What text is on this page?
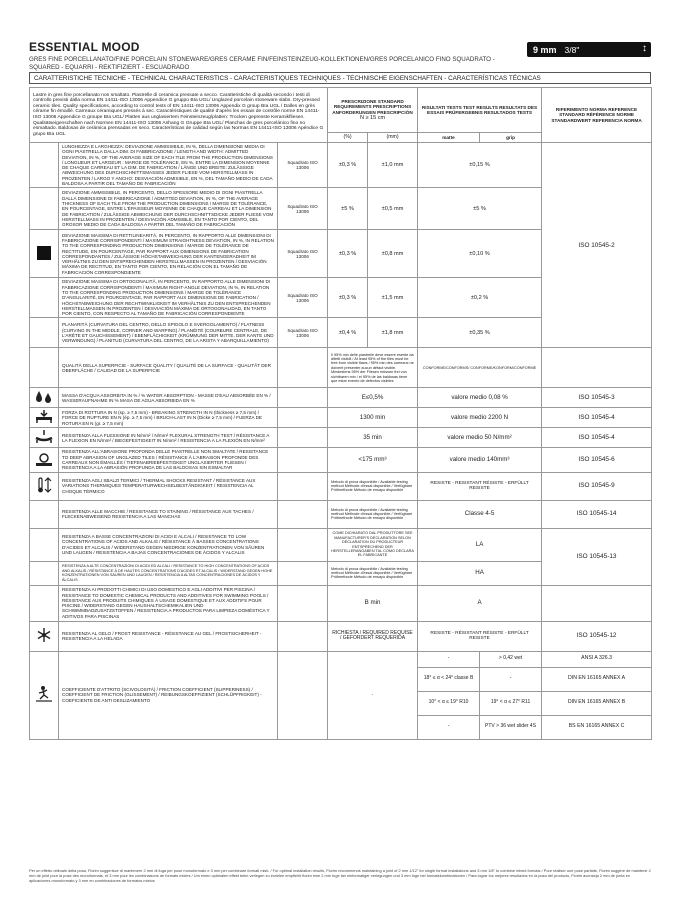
ESSENTIAL MOOD
GRES FINE PORCELLANATO/FINE PORCELAIN STONEWARE/GRES CERAME FIN/FEINSTEINZEUG-KOLLEKTIONEN/GRES PORCELANICO FINO SQUADRATO - SQUARED - EQUARRI - REKTIFIZIERT - ESCUADRADO
9 mm 3/8"	↕
CARATTERISTICHE TECNICHE - TECHNICAL CHARACTERISTICS - CARACTERISTIQUES TECHNIQUES - TECHNISCHE EIGENSCHAFTEN - CARACTERÍSTICAS TÉCNICAS
Lastre in gres fine porcellanato non smaltato. Piastrelle di ceramica pressate a secco. Caratteristiche di qualità secondo i testi di controllo previsti dalla norma EN 14411-ISO 13006 Appendice G gruppo BIa UGL/ Unglazed porcelain stoneware slabs. Dry-pressed ceramic tiles. Quality specifications, according to control tests of EN 14411-ISO 13006 Appendix G group BIa UGL / Dalles en grès cérame fin émaillé. Carreaux céramiques pressés à sec. Caractéristiques de qualité d'après les essais de contrôle norme EN 14411-ISO 13006 Appendice G groupe BIa UGL/ Platten aus unglasiertem Feinsteinzeug/platten: Trocken gepresste Keramikfliesen. Qualitätseigenschaften nach Normen EN 14411-ISO 13006 Anhang G Gruppe BIa UGL/ Planchas de gres porcelánico fino no esmaltado. Baldosas de cerámica prensadas en seco. Características de calidad según las Normas EN 14411-ISO 13006 Apéndice G grupo BIa UGL			PRESCRIZIONE STANDARD REQUIREMENTS PRESCRIPTIONS ANFORDERUNGEN PRESCRIPCIÓN
N ≥ 15 cm		RISULTATI TESTS TEST RESULTS RESULTATS DES ESSAIS PRÜFERGEBNIS RESULTADOS TESTS		RIFERIMENTO NORMA REFERENCE STANDARD RÉFÉRENCE NORME STANDARDWERT REFERENCIA NORMA
			(%)	(mm)	matte	grip	
	LUNGHEZZA E LARGHEZZA: DEVIAZIONE AMMISSIBILE, IN %, DELLA DIMENSIONE MEDIA DI OGNI PIASTRELLA DALLA DIM. DI FABBRICAZIONE / LENGTH AND WIDTH: ADMITTED DEVIATION, IN %, OF THE AVERAGE SIZE OF EACH TILE FROM THE PRODUCTION DIMENSIONS / LONGUEUR ET LARGEUR : MARGE DE TOLÉRANCE, EN %, ENTRE LA DIMENSION MOYENNE DE CHAQUE CARREAU ET LA DIM. DE FABRICATION / LÄNGE UND BREITE: ZULÄSSIGE ABWEICHUNG DES DURCHSCHNITTSMASSES JEDER FLIESE VOM HERSTELLMASS IN PROZENTEN / LARGO Y ANCHO: DESVIACIÓN ADMISIBLE, EN %, DEL TAMAÑO MEDIO DE CADA BALDOSA A PARTIR DEL TAMAÑO DE FABRICACIÓN	Squadrato ISO 13006	±0,3 %	±1,0 mm	±0,15 %		ISO 10545-2
	DEVIAZIONE AMMISSIBILE, IN PERCENTO, DELLO SPESSORE MEDIO DI OGNI PIASTRELLA DALLA DIMENSIONE DI FABBRICAZIONE / ADMITTED DEVIATION, IN %, OF THE AVERAGE THICKNESS OF EACH TILE FROM THE PRODUCTION DIMENSIONS / MARGE DE TOLÉRANCE, EN POURCENTAGE, ENTRE L'ÉPAISSEUR MOYENNE DE CHAQUE CARREAU ET LA DIMENSION DE FABRICATION / ZULÄSSIGE ABWEICHUNG DER DURCHSCHNITTSDICKE JEDER FLIESE VOM HERSTELLMASS IN PROZENTEN / DESVIACIÓN ADMISIBLE, EN TANTO POR CIENTO, DEL GROSOR MEDIO DE CADA BALDOSA A PARTIR DEL TAMAÑO DE FABRICACIÓN	Squadrato ISO 13006	±5 %	±0,5 mm	±5 %		
	DEVIAZIONE MASSIMA DI RETTILINEARITÀ, IN PERCENTO, IN RAPPORTO ALLE DIMENSIONI DI FABBRICAZIONE CORRISPONDENTI / MAXIMUM STRAIGHTNESS DEVIATION, IN %, IN RELATION TO THE CORRESPONDING PRODUCTION DIMENSIONS / MARGE DE TOLÉRANCE DE RECTITUDE, EN POURCENTAGE, PAR RAPPORT AUX DIMENSIONS DE FABRICATION CORRESPONDANTES / ZULÄSSIGE HÖCHSTABWEICHUNG DER KANTENGERADHEIT IM VERHÄLTNIS ZU DEN ENTSPRECHENDEN HERSTELLMASSEN IN PROZENTEN / DESVIACIÓN MÁXIMA DE RECTITUD, EN TANTO POR CIENTO, EN RELACIÓN CON EL TAMAÑO DE FABRICACIÓN CORRESPONDIENTE	Squadrato ISO 13006	±0,3 %	±0,8 mm	±0,10 %		
	DEVIAZIONE MASSIMA DI ORTOGONALITÀ, IN PERCENTO, IN RAPPORTO ALLE DIMENSIONI DI FABBRICAZIONE CORRISPONDENTI / MAXIMUM RIGHT-ANGLE DEVIATION, IN %, IN RELATION TO THE CORRESPONDING PRODUCTION DIMENSIONS / MARGE DE TOLÉRANCE D'ANGULARITÉ, EN POURCENTAGE, PAR RAPPORT AUX DIMENSIONS DE FABRICATION / HÖCHSTABWEICHUNG DER RECHTWINKLIGKEIT IM VERHÄLTNIS ZU DEN ENTSPRECHENDEN HERSTELLMASSEN IN PROZENTEN / DESVIACIÓN MÁXIMA DE ORTOGONALIDAD, EN TANTO POR CIENTO, CON RESPECTO AL TAMAÑO DE FABRICACIÓN CORRESPONDIENTE	Squadrato ISO 13006	±0,3 %	±1,5 mm	±0,2 %		
	PLANARITÀ (CURVATURA DEL CENTRO, DELLO SPIGOLO E SVERGOLAMENTO) / FLATNESS (CURVING IN THE MIDDLE, CORNER AND WARPING) / PLANÉITÉ (COURBURE CENTRALE, DE L'ARÊTE ET GAUCHISSEMENT) / EBENFLÄCHIGKEIT (KRÜMMUNG DER MITTE, DER KANTE UND VERWINDUNG) / PLANITUD (CURVATURA DEL CENTRO, DE LA ARISTA Y ABARQUILLAMIENTO)	Squadrato ISO 13006	±0,4 %	±1,8 mm	±0,35 %		
	QUALITÀ DELLA SUPERFICIE - SURFACE QUALITY / QUALITÉ DE LA SURFACE - QUALITÄT DER OBERFLÄCHE / CALIDAD DE LA SUPERFICIE		Il 95% min delle piastrelle deve essere esente da difetti visibili / At least 95% of the tiles must be free from visible flaws / 95% min des carreaux ne doivent présenter aucun défaut visible. Mindestens 95% der Fliesen müssen frei von sichtbaren min / el 95% de las baldosas tiene que estar exento de defectos visibles		CONFORME/CONFORMS/ CONFORME/KONFORM/CONFORME		
	MASSA D'ACQUA ASSORBITA IN % / % WATER ABSORPTION - MASSE D'EAU ABSORBÉE EN % / WASSERAUFNAHME IN % MASA DE AGUA ABSORBIDA EN %		E≤0,5%		valore medio 0,08 %		ISO 10545-3
	FORZA DI ROTTURA IN N (sp. ≥ 7,5 mm) - BREAKING STRENGTH IN N (thickness ≥ 7,5 mm) / FORCE DE RUPTURE EN N (ép. ≥ 7,5 mm) / BRUCH-LAST IN N (Dicke ≥ 7,5 mm) / FUERZA DE ROTURA EN N (gr. ≥ 7,5 mm)		1300 min		valore medio 2200 N		ISO 10545-4
	RESISTENZA ALLA FLESSIONE IN N/mm² / N/mm² FLEXURAL STRENGTH TEST / RÉSISTANCE A LA FLEXION EN N/mm² / BIEGEFESTIGKEIT IN N/mm² / RESISTENCIA A LA FLEXIÓN EN N/mm²		35 min		valore medio 50 N/mm²		ISO 10545-4
	RESISTENZA ALL'ABRASIONE PROFONDA DELLE PIASTRELLE NON SMALTATE / RESISTANCE TO DEEP ABRASION OF UNGLAZED TILES / RÉSISTANCE À L'ABRASION PROFONDE DES CARREAUX NON ÉMAILLÉS / TIEFENABRIEBFESTIGKEIT UNGLASIERTER FLIESEN / RESISTENCIA A LA ABRASIÓN PROFUNDA DE LAS BALDOSAS SIN ESMALTAR		<175 mm³		valore medio 140mm³		ISO 10545-6
	RESISTENZA AGLI SBALZI TERMICI / THERMAL SHOCKS RESISTANT / RÉSISTANCE AUX VARIATIONS THERMIQUES TEMPERATURWECHSELBESTÄNDIGKEIT / RESISTENCIA AL CHOQUE TÉRMICO		Metodo di prova disponibile / Available testing method Méthode d'essai disponible / Verfügbare Prüfmethode Método de ensayo disponible		RESISTE - RESISTANT RÉSISTE - ERFÜLLT RESISTE		ISO 10545-9
	RESISTENZA ALLE MACCHIE / RESISTANCE TO STAINING / RÉSISTANCE AUX TACHES / FLECKENABWEISEND RESISTENCIA A LAS MANCHAS		Metodo di prova disponibile / Available testing method Méthode d'essai disponible / Verfügbare Prüfmethode Método de ensayo disponible		Classe 4-5		ISO 10545-14
	RESISTENZA A BASSE CONCENTRAZIONI DI ACIDI E ALCALI / RESISTANCE TO LOW CONCENTRATIONS OF ACIDS AND ALKALIS / RÉSISTANCE À BASSES CONCENTRATIONS D'ACIDES ET ALCALIS / WIDERSTAND GEGEN NIEDRIGE KONZENTRATIONEN VON SÄUREN UND LAUGEN / RESISTENCIA A BAJAS CONCENTRACIONES DE ÁCIDOS Y ALCALIS		COME DICHIARATO DAL PRODUTTORE SEE MANUFACTURER'S DECLARATION SELON DÉCLARATION DU PRODUCTEUR ENTSPRECHEND DER HERSTELLERANGABEN TAL COMO DECLARA EL FABRICANTE		LA		ISO 10545-13
	RESISTENZA A ALTE CONCENTRAZIONI DI ACIDI ED ALCALI / RESISTANCE TO HIGH CONCENTRATIONS OF ACIDS AND ALKALIS / RÉSISTANCE À DE HAUTES CONCENTRATIONS D'ACIDES ET ALCALIS / WIDERSTAND GEGEN HOHE KONZENTRATIONEN VON SÄUREN UND LAUGEN / RESISTENCIA A ALTAS CONCENTRACIONES DE ÁCIDOS Y ÁLCALIS		Metodo di prova disponibile / Available testing method Méthode d'essai disponible / Verfügbare Prüfmethode Método de ensayo disponible		HA		
	RESISTENZA AI PRODOTTI CHIMICI DI USO DOMESTICO E AGLI ADDITIVI PER PISCINA / RESISTANCE TO DOMESTIC CHEMICAL PRODUCTS AND ADDITIVES FOR SWIMMING POOLS / RÉSISTANCE AUX PRODUITS CHIMIQUES À USAGE DOMESTIQUE ET AUX ADDITIFS POUR PISCINE / WIDERSTAND GEGEN HAUSHALTSCHEMIKALIEN UND SCHWIMMBADZUSATZSTOFFEN / RESISTENCIA A PRODUCTOS PARA LIMPIEZA DOMÉSTICA Y ADITIVOS PARA PISCINAS		B min		A		
	RESISTENZA AL GELO / FROST RESISTANCE - RÉSISTANCE AU GEL / FROSTSICHERHEIT - RESISTENCIA A LA HELADA		RICHIESTA / REQUIRED REQUISE / GEFORDERT REQUERIDA		RESISTE - RÉSISTANT RÉSISTE - ERFÜLLT RESISTE		ISO 10545-12
	COEFFICIENTE D'ATTRITO (SCIVOLOSITÀ) / FRICTION COEFFICIENT (SLIPPERINESS) / COEFFICIENT DE FRICTION (GLISSEMENT) / REIBUNGSKOEFFIZIENT (SCHLÜPFRIGKEIT) - COEFICIENTE DE ANTI DESLIZAMIENTO		-		-	> 0,42 wet	ANSI A 326.3
					18° ≤ α < 24° classe B	-	DIN EN 16165 ANNEX A
					10° < α ≤ 19° R10	19° < α ≤ 27° R11	DIN EN 16165 ANNEX B
					-	PTV > 36 wet slider 4S	BS EN 16165 ANNEX C
Per un effetto ottimale della posa, Florim suggerisce di mantenere 2 mm di fuga per pose monoformato e 3 mm per combinare formati misti. / For optimal installation results, Florim recommends maintaining a joint of 2 mm 1/12" for single format installations and 3 mm 1/8" to combine mixed formats / Pour réaliser une pose parfaite, Florim suggère de maintenir 2 mm de joint pour la pose des monoformats, et 3 mm pour les combinaisons de formats mixtes / Um einen optimalen effekt beim verlegen zu erzielen empfiehlt florim eine 2 mm fuge bei einformatiger verlegungen und 3 mm fuge bei formatekombinationen / Para lograr los mejores resultados en la posa del producto, Florim aconseja 2 mm de junta en aplicaciones monoformato y 3 mm en combinaciones de formatos mixtos
